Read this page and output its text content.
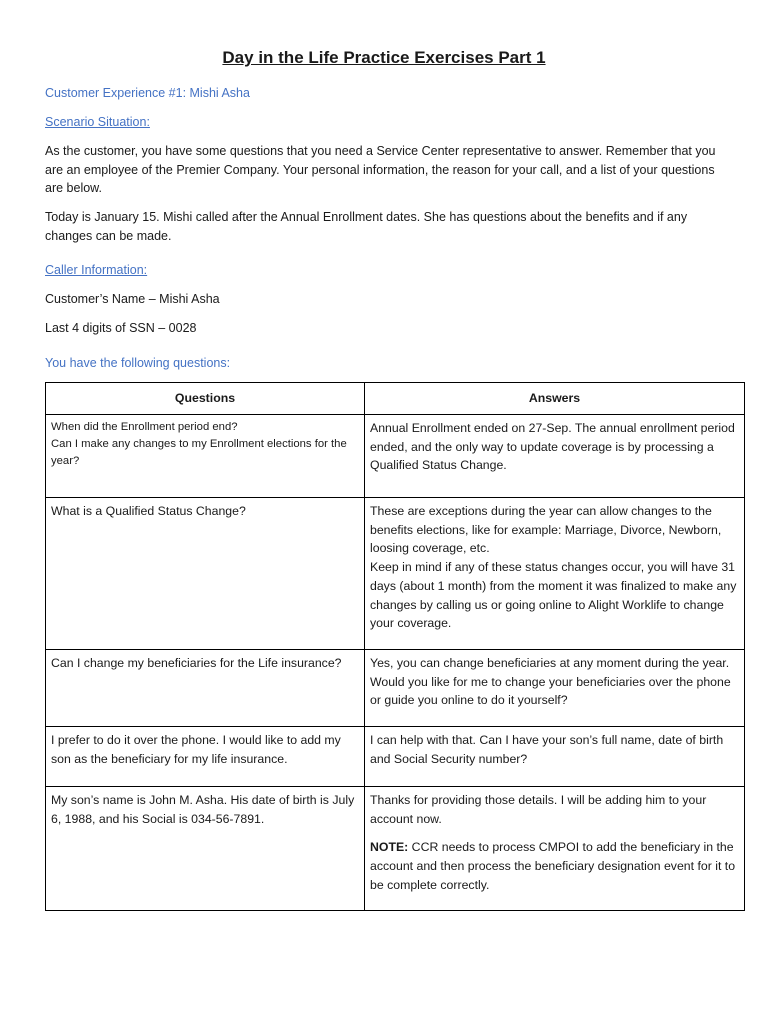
Day in the Life Practice Exercises Part 1

Customer Experience #1: Mishi Asha

Scenario Situation:

As the customer, you have some questions that you need a Service Center representative to answer. Remember that you are an employee of the Premier Company. Your personal information, the reason for your call, and a list of your questions are below.

Today is January 15. Mishi called after the Annual Enrollment dates. She has questions about the benefits and if any changes can be made.

Caller Information:

Customer’s Name – Mishi Asha

Last 4 digits of SSN – 0028

You have the following questions:

Questions	Answers

When did the Enrollment period end?
Can I make any changes to my Enrollment elections for the year?	Annual Enrollment ended on 27-Sep. The annual enrollment period ended, and the only way to update coverage is by processing a Qualified Status Change.
What is a Qualified Status Change?	These are exceptions during the year can allow changes to the benefits elections, like for example: Marriage, Divorce, Newborn, loosing coverage, etc.
Keep in mind if any of these status changes occur, you will have 31 days (about 1 month) from the moment it was finalized to make any changes by calling us or going online to Alight Worklife to change your coverage.

Can I change my beneficiaries for the Life insurance?	Yes, you can change beneficiaries at any moment during the year. Would you like for me to change your beneficiaries over the phone or guide you online to do it yourself?
I prefer to do it over the phone. I would like to add my son as the beneficiary for my life insurance.	I can help with that. Can I have your son’s full name, date of birth and Social Security number?
My son’s name is John M. Asha. His date of birth is July 6, 1988, and his Social is 034-56-7891.	Thanks for providing those details. I will be adding him to your account now.
NOTE: CCR needs to process CMPOI to add the beneficiary in the account and then process the beneficiary designation event for it to be complete correctly.
